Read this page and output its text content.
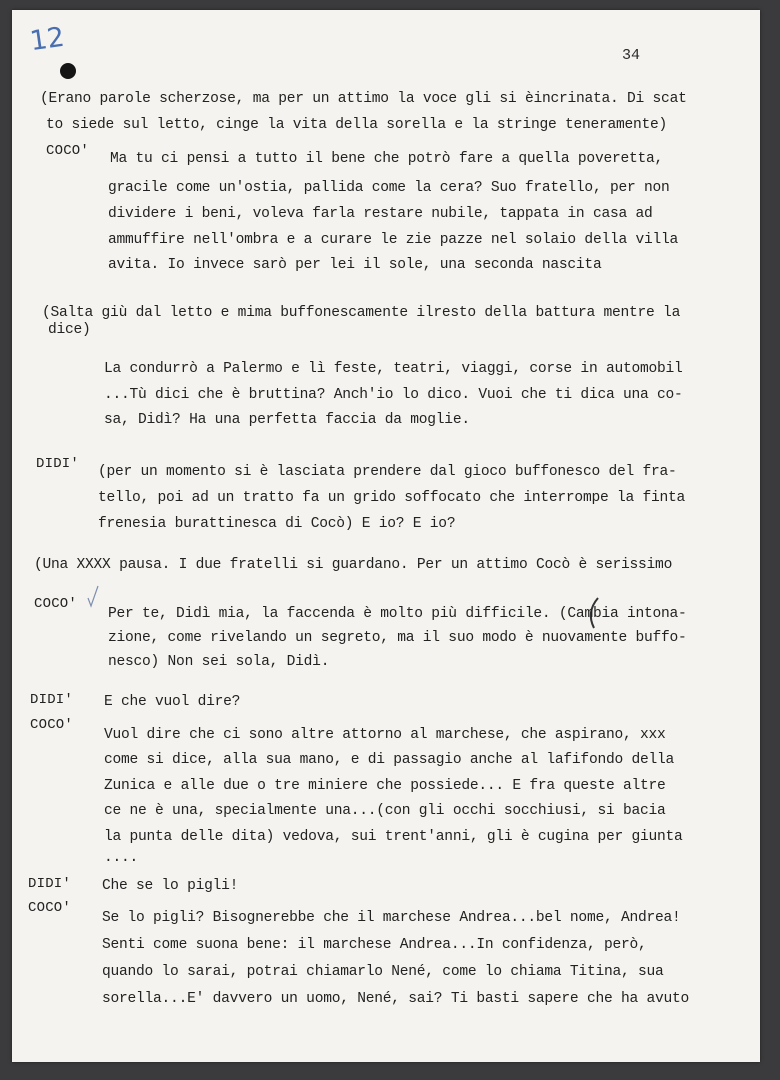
12	34
(Erano parole scherzose, ma per un attimo la voce gli si èincrinata. Di scat
to siede sul letto, cinge la vita della sorella e la stringe teneramente)
COCO' Ma tu ci pensi a tutto il bene che potrò fare a quella poveretta,
gracile come un'ostia, pallida come la cera? Suo fratello, per non
dividere i beni, voleva farla restare nubile, tappata in casa ad
ammuffire nell'ombra e a curare le zie pazze nel solaio della villa
avita. Io invece sarò per lei il sole, una seconda nascita
(Salta giù dal letto e mima buffonescamente ilresto della battura mentre la
dice)
La condurrò a Palermo e lì feste, teatri, viaggi, corse in automobil
...Tù dici che è bruttina? Anch'io lo dico. Vuoi che ti dica una co-
sa, Didì? Ha una perfetta faccia da moglie.
DIDI' (per un momento si è lasciata prendere dal gioco buffonesco del fra-
tello, poi ad un tratto fa un grido soffocato che interrompe la finta
frenesia burattinesca di Cocò) E io? E io?
(Una XXXX pausa. I due fratelli si guardano. Per un attimo Cocò è serissimo
COCO'
Per te, Didì mia, la faccenda è molto più difficile. (Cambia intona-
zione, come rivelando un segreto, ma il suo modo è nuovamente buffo-
nesco) Non sei sola, Didì.
DIDI' E che vuol dire?
COCO'
Vuol dire che ci sono altre attorno al marchese, che aspirano, xxx
come si dice, alla sua mano, e di passagio anche al lafifondo della
Zunica e alle due o tre miniere che possiede... E fra queste altre
ce ne è una, specialmente una...(con gli occhi socchiusi, si bacia
la punta delle dita) vedova, sui trent'anni, gli è cugina per giunta
....
DIDI' Che se lo pigli!
COCO'
Se lo pigli? Bisognerebbe che il marchese Andrea...bel nome, Andrea!
Senti come suona bene: il marchese Andrea...In confidenza, però,
quando lo sarai, potrai chiamarlo Nené, come lo chiama Titina, sua
sorella...E' davvero un uomo, Nené, sai? Ti basti sapere che ha avuto
